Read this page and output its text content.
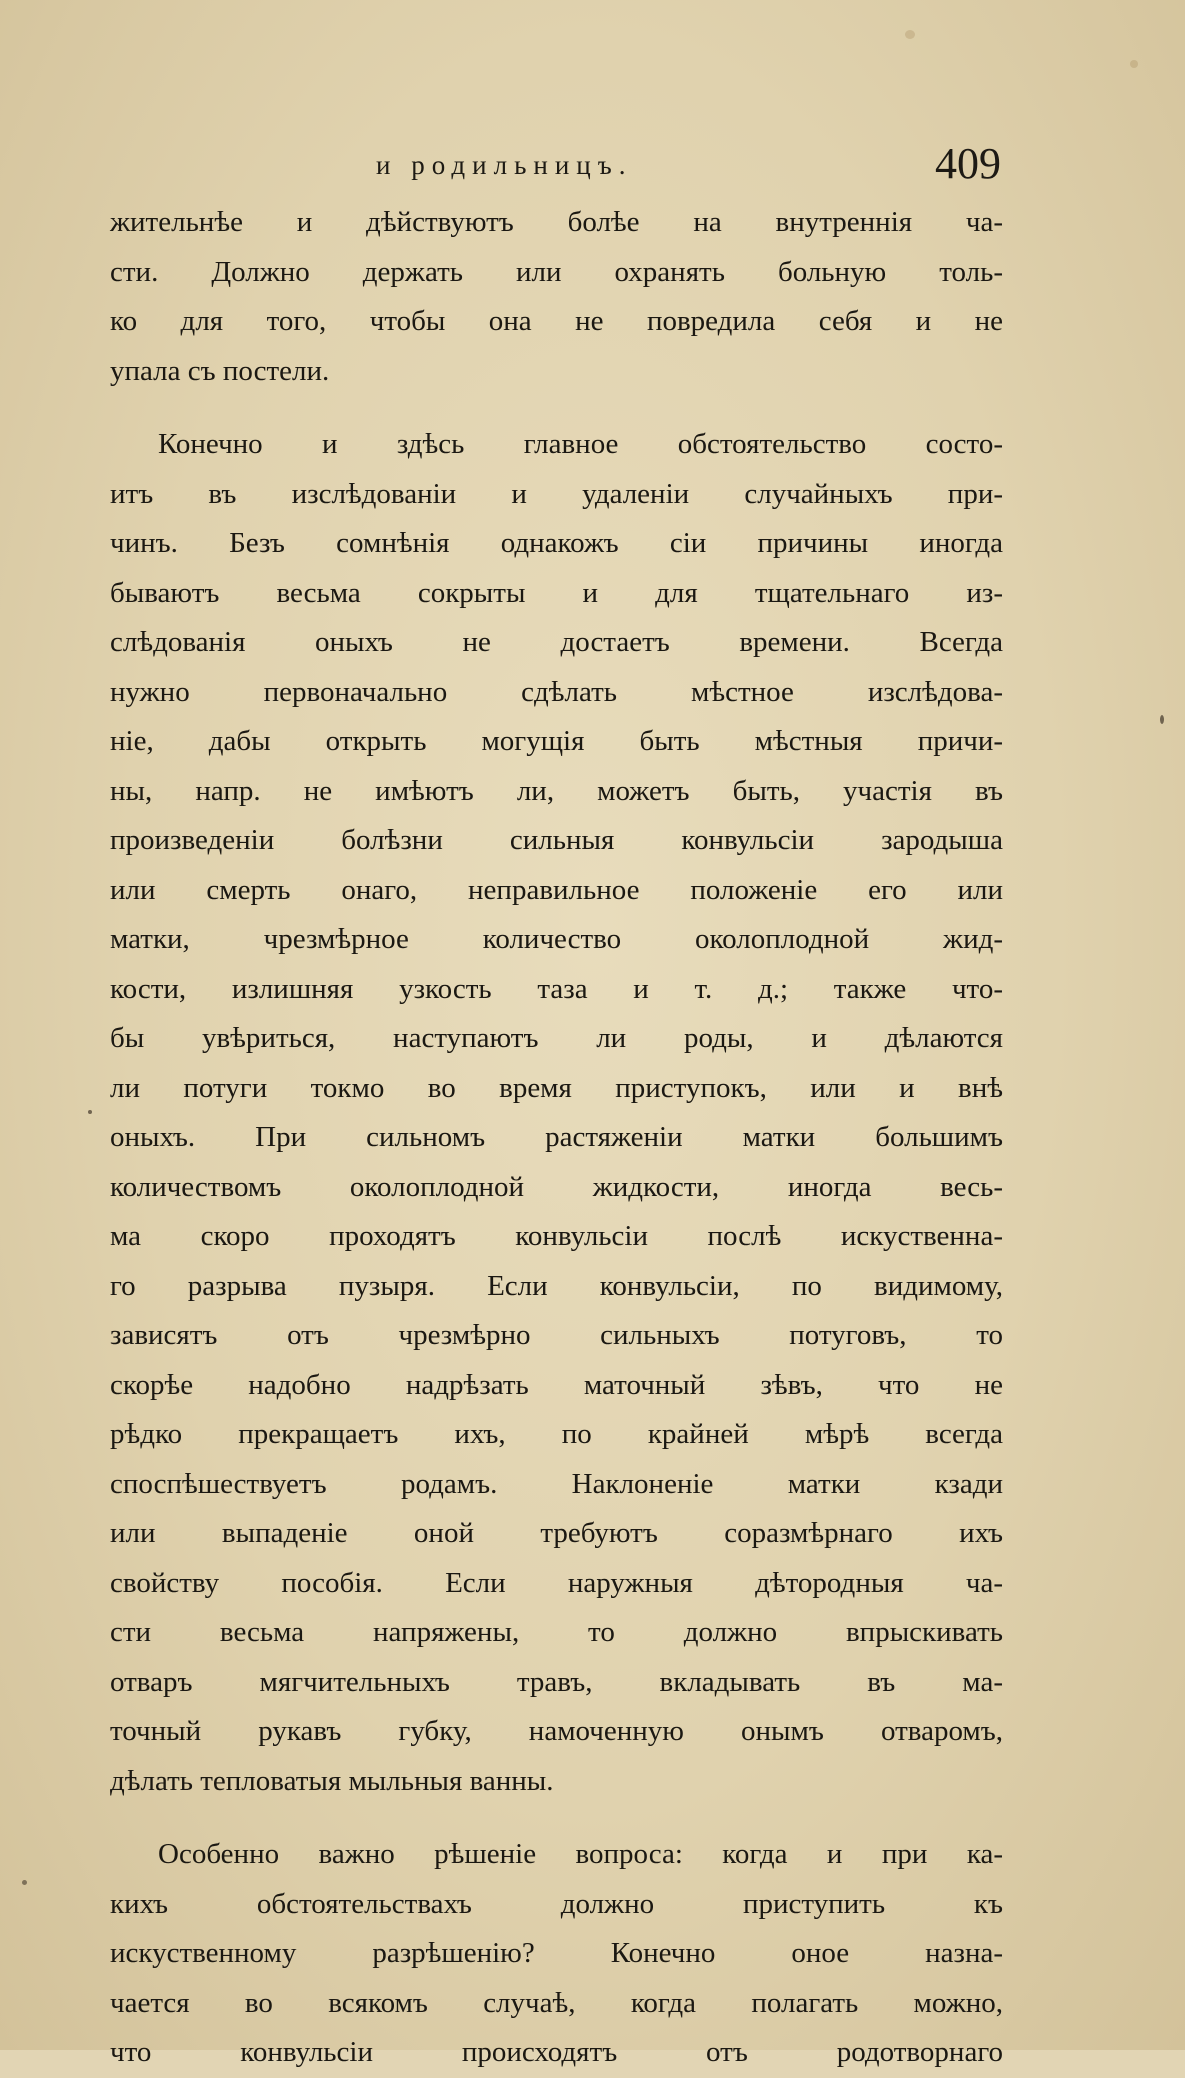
и родильницъ.	409
жительнѣе и дѣйствуютъ болѣе на внутреннія ча-
сти. Должно держать или охранять больную толь-
ко для того, чтобы она не повредила себя и не
упала съ постели.
Конечно и здѣсь главное обстоятельство состо-
итъ въ изслѣдованіи и удаленіи случайныхъ при-
чинъ. Безъ сомнѣнія однакожъ сіи причины иногда
бываютъ весьма сокрыты и для тщательнаго из-
слѣдованія оныхъ не достаетъ времени. Всегда
нужно первоначально сдѣлать мѣстное изслѣдова-
ніе, дабы открыть могущія быть мѣстныя причи-
ны, напр. не имѣютъ ли, можетъ быть, участія въ
произведеніи болѣзни сильныя конвульсіи зародыша
или смерть онаго, неправильное положеніе его или
матки, чрезмѣрное количество околоплодной жид-
кости, излишняя узкость таза и т. д.; также что-
бы увѣриться, наступаютъ ли роды, и дѣлаются
ли потуги токмо во время приступокъ, или и внѣ
оныхъ. При сильномъ растяженіи матки большимъ
количествомъ околоплодной жидкости, иногда весь-
ма скоро проходятъ конвульсіи послѣ искуственна-
го разрыва пузыря. Если конвульсіи, по видимому,
зависятъ отъ чрезмѣрно сильныхъ потуговъ, то
скорѣе надобно надрѣзать маточный зѣвъ, что не
рѣдко прекращаетъ ихъ, по крайней мѣрѣ всегда
споспѣшествуетъ родамъ. Наклоненіе матки кзади
или выпаденіе оной требуютъ соразмѣрнаго ихъ
свойству пособія. Если наружныя дѣтородныя ча-
сти весьма напряжены, то должно впрыскивать
отваръ мягчительныхъ травъ, вкладывать въ ма-
точный рукавъ губку, намоченную онымъ отваромъ,
дѣлать тепловатыя мыльныя ванны.
Особенно важно рѣшеніе вопроса: когда и при ка-
кихъ обстоятельствахъ должно приступить къ
искуственному разрѣшенію? Конечно оное назна-
чается во всякомъ случаѣ, когда полагать можно,
что конвульсіи происходятъ отъ родотворнаго
